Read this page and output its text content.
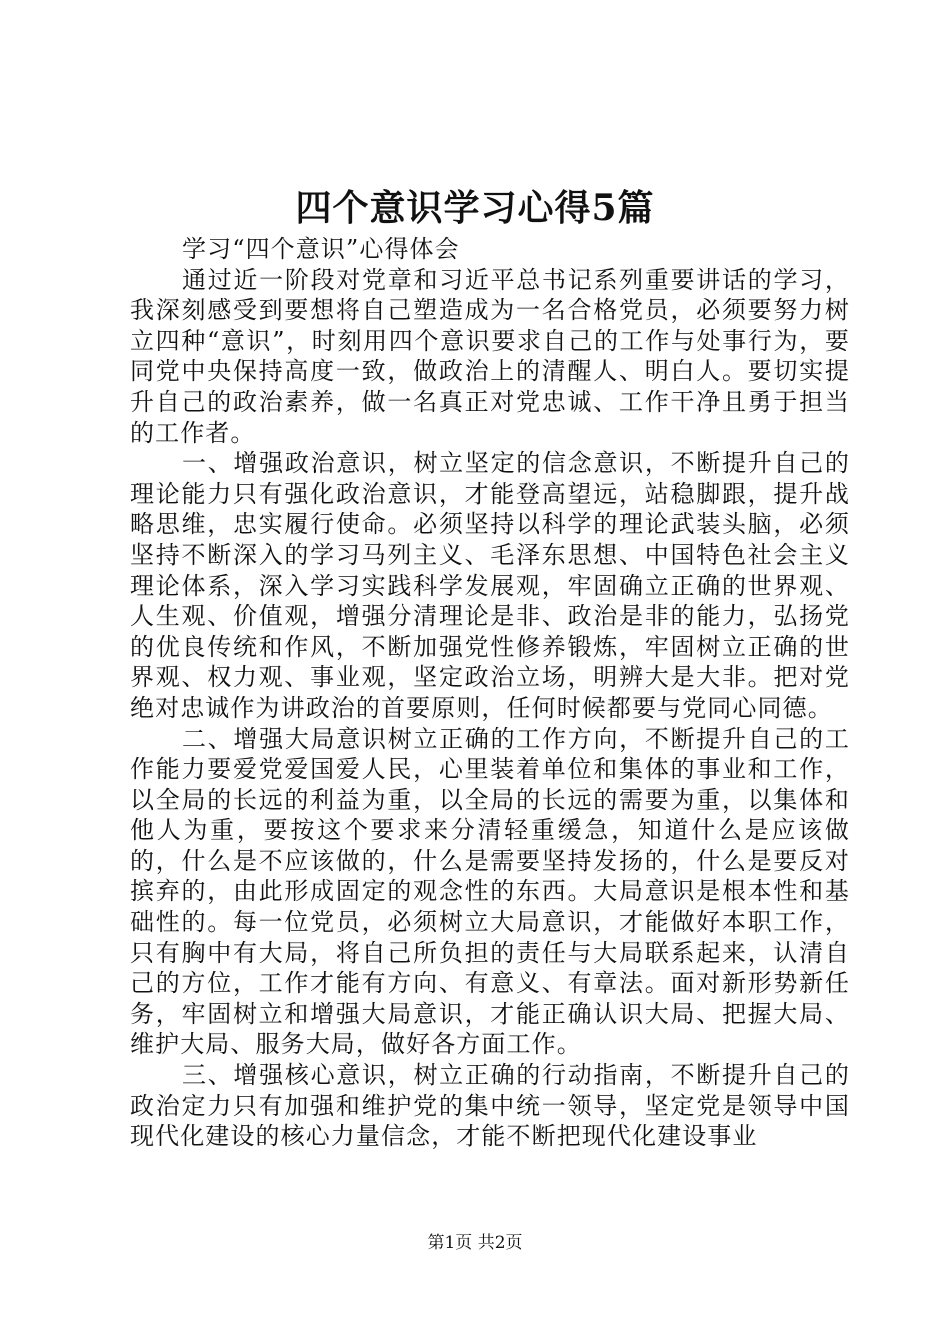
四个意识学习心得5篇

学习“四个意识”心得体会

通过近一阶段对党章和习近平总书记系列重要讲话的学习，我深刻感受到要想将自己塑造成为一名合格党员，必须要努力树立四种“意识”，时刻用四个意识要求自己的工作与处事行为，要同党中央保持高度一致，做政治上的清醒人、明白人。要切实提升自己的政治素养，做一名真正对党忠诚、工作干净且勇于担当的工作者。

一、增强政治意识，树立坚定的信念意识，不断提升自己的理论能力只有强化政治意识，才能登高望远，站稳脚跟，提升战略思维，忠实履行使命。必须坚持以科学的理论武装头脑，必须坚持不断深入的学习马列主义、毛泽东思想、中国特色社会主义理论体系，深入学习实践科学发展观，牢固确立正确的世界观、人生观、价值观，增强分清理论是非、政治是非的能力，弘扬党的优良传统和作风，不断加强党性修养锻炼，牢固树立正确的世界观、权力观、事业观，坚定政治立场，明辨大是大非。把对党绝对忠诚作为讲政治的首要原则，任何时候都要与党同心同德。

二、增强大局意识树立正确的工作方向，不断提升自己的工作能力要爱党爱国爱人民，心里装着单位和集体的事业和工作，以全局的长远的利益为重，以全局的长远的需要为重，以集体和他人为重，要按这个要求来分清轻重缓急，知道什么是应该做的，什么是不应该做的，什么是需要坚持发扬的，什么是要反对摈弃的，由此形成固定的观念性的东西。大局意识是根本性和基础性的。每一位党员，必须树立大局意识，才能做好本职工作，只有胸中有大局，将自己所负担的责任与大局联系起来，认清自己的方位，工作才能有方向、有意义、有章法。面对新形势新任务，牢固树立和增强大局意识，才能正确认识大局、把握大局、维护大局、服务大局，做好各方面工作。

三、增强核心意识，树立正确的行动指南，不断提升自己的政治定力只有加强和维护党的集中统一领导，坚定党是领导中国现代化建设的核心力量信念，才能不断把现代化建设事业

第1页 共2页
